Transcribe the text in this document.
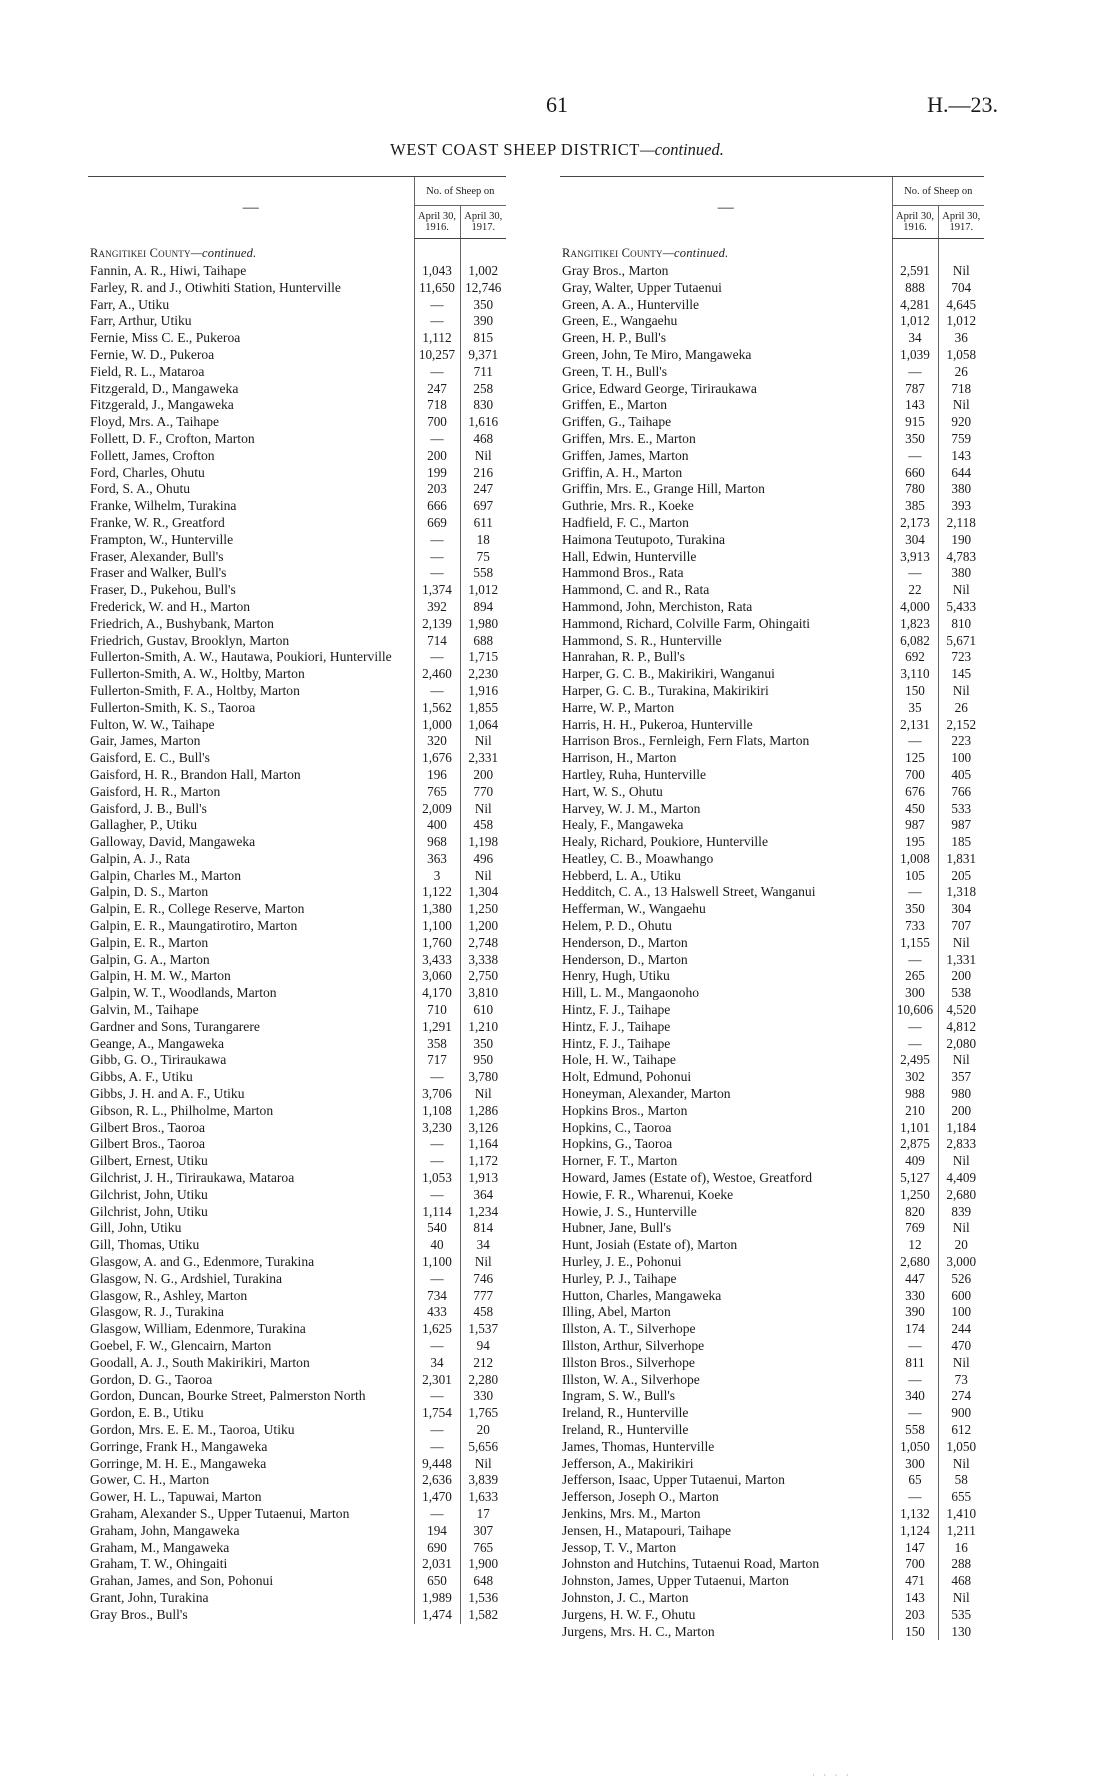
61	H.—23.
WEST COAST SHEEP DISTRICT—continued.
—	No. of Sheep on	
	April 30, 1916.	April 30, 1917.

Rangitikei County—continued.		
Fannin, A. R., Hiwi, Taihape	1,043	1,002
Farley, R. and J., Otiwhiti Station, Hunterville	11,650	12,746
Farr, A., Utiku	—	350
Farr, Arthur, Utiku	—	390
Fernie, Miss C. E., Pukeroa	1,112	815
Fernie, W. D., Pukeroa	10,257	9,371
Field, R. L., Mataroa	—	711
Fitzgerald, D., Mangaweka	247	258
Fitzgerald, J., Mangaweka	718	830
Floyd, Mrs. A., Taihape	700	1,616
Follett, D. F., Crofton, Marton	—	468
Follett, James, Crofton	200	Nil
Ford, Charles, Ohutu	199	216
Ford, S. A., Ohutu	203	247
Franke, Wilhelm, Turakina	666	697
Franke, W. R., Greatford	669	611
Frampton, W., Hunterville	—	18
Fraser, Alexander, Bull's	—	75
Fraser and Walker, Bull's	—	558
Fraser, D., Pukehou, Bull's	1,374	1,012
Frederick, W. and H., Marton	392	894
Friedrich, A., Bushybank, Marton	2,139	1,980
Friedrich, Gustav, Brooklyn, Marton	714	688
Fullerton-Smith, A. W., Hautawa, Poukiori, Hunterville	—	1,715
Fullerton-Smith, A. W., Holtby, Marton	2,460	2,230
Fullerton-Smith, F. A., Holtby, Marton	—	1,916
Fullerton-Smith, K. S., Taoroa	1,562	1,855
Fulton, W. W., Taihape	1,000	1,064
Gair, James, Marton	320	Nil
Gaisford, E. C., Bull's	1,676	2,331
Gaisford, H. R., Brandon Hall, Marton	196	200
Gaisford, H. R., Marton	765	770
Gaisford, J. B., Bull's	2,009	Nil
Gallagher, P., Utiku	400	458
Galloway, David, Mangaweka	968	1,198
Galpin, A. J., Rata	363	496
Galpin, Charles M., Marton	3	Nil
Galpin, D. S., Marton	1,122	1,304
Galpin, E. R., College Reserve, Marton	1,380	1,250
Galpin, E. R., Maungatirotiro, Marton	1,100	1,200
Galpin, E. R., Marton	1,760	2,748
Galpin, G. A., Marton	3,433	3,338
Galpin, H. M. W., Marton	3,060	2,750
Galpin, W. T., Woodlands, Marton	4,170	3,810
Galvin, M., Taihape	710	610
Gardner and Sons, Turangarere	1,291	1,210
Geange, A., Mangaweka	358	350
Gibb, G. O., Tiriraukawa	717	950
Gibbs, A. F., Utiku	—	3,780
Gibbs, J. H. and A. F., Utiku	3,706	Nil
Gibson, R. L., Philholme, Marton	1,108	1,286
Gilbert Bros., Taoroa	3,230	3,126
Gilbert Bros., Taoroa	—	1,164
Gilbert, Ernest, Utiku	—	1,172
Gilchrist, J. H., Tiriraukawa, Mataroa	1,053	1,913
Gilchrist, John, Utiku	—	364
Gilchrist, John, Utiku	1,114	1,234
Gill, John, Utiku	540	814
Gill, Thomas, Utiku	40	34
Glasgow, A. and G., Edenmore, Turakina	1,100	Nil
Glasgow, N. G., Ardshiel, Turakina	—	746
Glasgow, R., Ashley, Marton	734	777
Glasgow, R. J., Turakina	433	458
Glasgow, William, Edenmore, Turakina	1,625	1,537
Goebel, F. W., Glencairn, Marton	—	94
Goodall, A. J., South Makirikiri, Marton	34	212
Gordon, D. G., Taoroa	2,301	2,280
Gordon, Duncan, Bourke Street, Palmerston North	—	330
Gordon, E. B., Utiku	1,754	1,765
Gordon, Mrs. E. E. M., Taoroa, Utiku	—	20
Gorringe, Frank H., Mangaweka	—	5,656
Gorringe, M. H. E., Mangaweka	9,448	Nil
Gower, C. H., Marton	2,636	3,839
Gower, H. L., Tapuwai, Marton	1,470	1,633
Graham, Alexander S., Upper Tutaenui, Marton	—	17
Graham, John, Mangaweka	194	307
Graham, M., Mangaweka	690	765
Graham, T. W., Ohingaiti	2,031	1,900
Grahan, James, and Son, Pohonui	650	648
Grant, John, Turakina	1,989	1,536
Gray Bros., Bull's	1,474	1,582
—	No. of Sheep on	
	April 30, 1916.	April 30, 1917.

Rangitikei County—continued.		
Gray Bros., Marton	2,591	Nil
Gray, Walter, Upper Tutaenui	888	704
Green, A. A., Hunterville	4,281	4,645
Green, E., Wangaehu	1,012	1,012
Green, H. P., Bull's	34	36
Green, John, Te Miro, Mangaweka	1,039	1,058
Green, T. H., Bull's	—	26
Grice, Edward George, Tiriraukawa	787	718
Griffen, E., Marton	143	Nil
Griffen, G., Taihape	915	920
Griffen, Mrs. E., Marton	350	759
Griffen, James, Marton	—	143
Griffin, A. H., Marton	660	644
Griffin, Mrs. E., Grange Hill, Marton	780	380
Guthrie, Mrs. R., Koeke	385	393
Hadfield, F. C., Marton	2,173	2,118
Haimona Teutupoto, Turakina	304	190
Hall, Edwin, Hunterville	3,913	4,783
Hammond Bros., Rata	—	380
Hammond, C. and R., Rata	22	Nil
Hammond, John, Merchiston, Rata	4,000	5,433
Hammond, Richard, Colville Farm, Ohingaiti	1,823	810
Hammond, S. R., Hunterville	6,082	5,671
Hanrahan, R. P., Bull's	692	723
Harper, G. C. B., Makirikiri, Wanganui	3,110	145
Harper, G. C. B., Turakina, Makirikiri	150	Nil
Harre, W. P., Marton	35	26
Harris, H. H., Pukeroa, Hunterville	2,131	2,152
Harrison Bros., Fernleigh, Fern Flats, Marton	—	223
Harrison, H., Marton	125	100
Hartley, Ruha, Hunterville	700	405
Hart, W. S., Ohutu	676	766
Harvey, W. J. M., Marton	450	533
Healy, F., Mangaweka	987	987
Healy, Richard, Poukiore, Hunterville	195	185
Heatley, C. B., Moawhango	1,008	1,831
Hebberd, L. A., Utiku	105	205
Hedditch, C. A., 13 Halswell Street, Wanganui	—	1,318
Hefferman, W., Wangaehu	350	304
Helem, P. D., Ohutu	733	707
Henderson, D., Marton	1,155	Nil
Henderson, D., Marton	—	1,331
Henry, Hugh, Utiku	265	200
Hill, L. M., Mangaonoho	300	538
Hintz, F. J., Taihape	10,606	4,520
Hintz, F. J., Taihape	—	4,812
Hintz, F. J., Taihape	—	2,080
Hole, H. W., Taihape	2,495	Nil
Holt, Edmund, Pohonui	302	357
Honeyman, Alexander, Marton	988	980
Hopkins Bros., Marton	210	200
Hopkins, C., Taoroa	1,101	1,184
Hopkins, G., Taoroa	2,875	2,833
Horner, F. T., Marton	409	Nil
Howard, James (Estate of), Westoe, Greatford	5,127	4,409
Howie, F. R., Wharenui, Koeke	1,250	2,680
Howie, J. S., Hunterville	820	839
Hubner, Jane, Bull's	769	Nil
Hunt, Josiah (Estate of), Marton	12	20
Hurley, J. E., Pohonui	2,680	3,000
Hurley, P. J., Taihape	447	526
Hutton, Charles, Mangaweka	330	600
Illing, Abel, Marton	390	100
Illston, A. T., Silverhope	174	244
Illston, Arthur, Silverhope	—	470
Illston Bros., Silverhope	811	Nil
Illston, W. A., Silverhope	—	73
Ingram, S. W., Bull's	340	274
Ireland, R., Hunterville	—	900
Ireland, R., Hunterville	558	612
James, Thomas, Hunterville	1,050	1,050
Jefferson, A., Makirikiri	300	Nil
Jefferson, Isaac, Upper Tutaenui, Marton	65	58
Jefferson, Joseph O., Marton	—	655
Jenkins, Mrs. M., Marton	1,132	1,410
Jensen, H., Matapouri, Taihape	1,124	1,211
Jessop, T. V., Marton	147	16
Johnston and Hutchins, Tutaenui Road, Marton	700	288
Johnston, James, Upper Tutaenui, Marton	471	468
Johnston, J. C., Marton	143	Nil
Jurgens, H. W. F., Ohutu	203	535
Jurgens, Mrs. H. C., Marton	150	130
· · · ·
